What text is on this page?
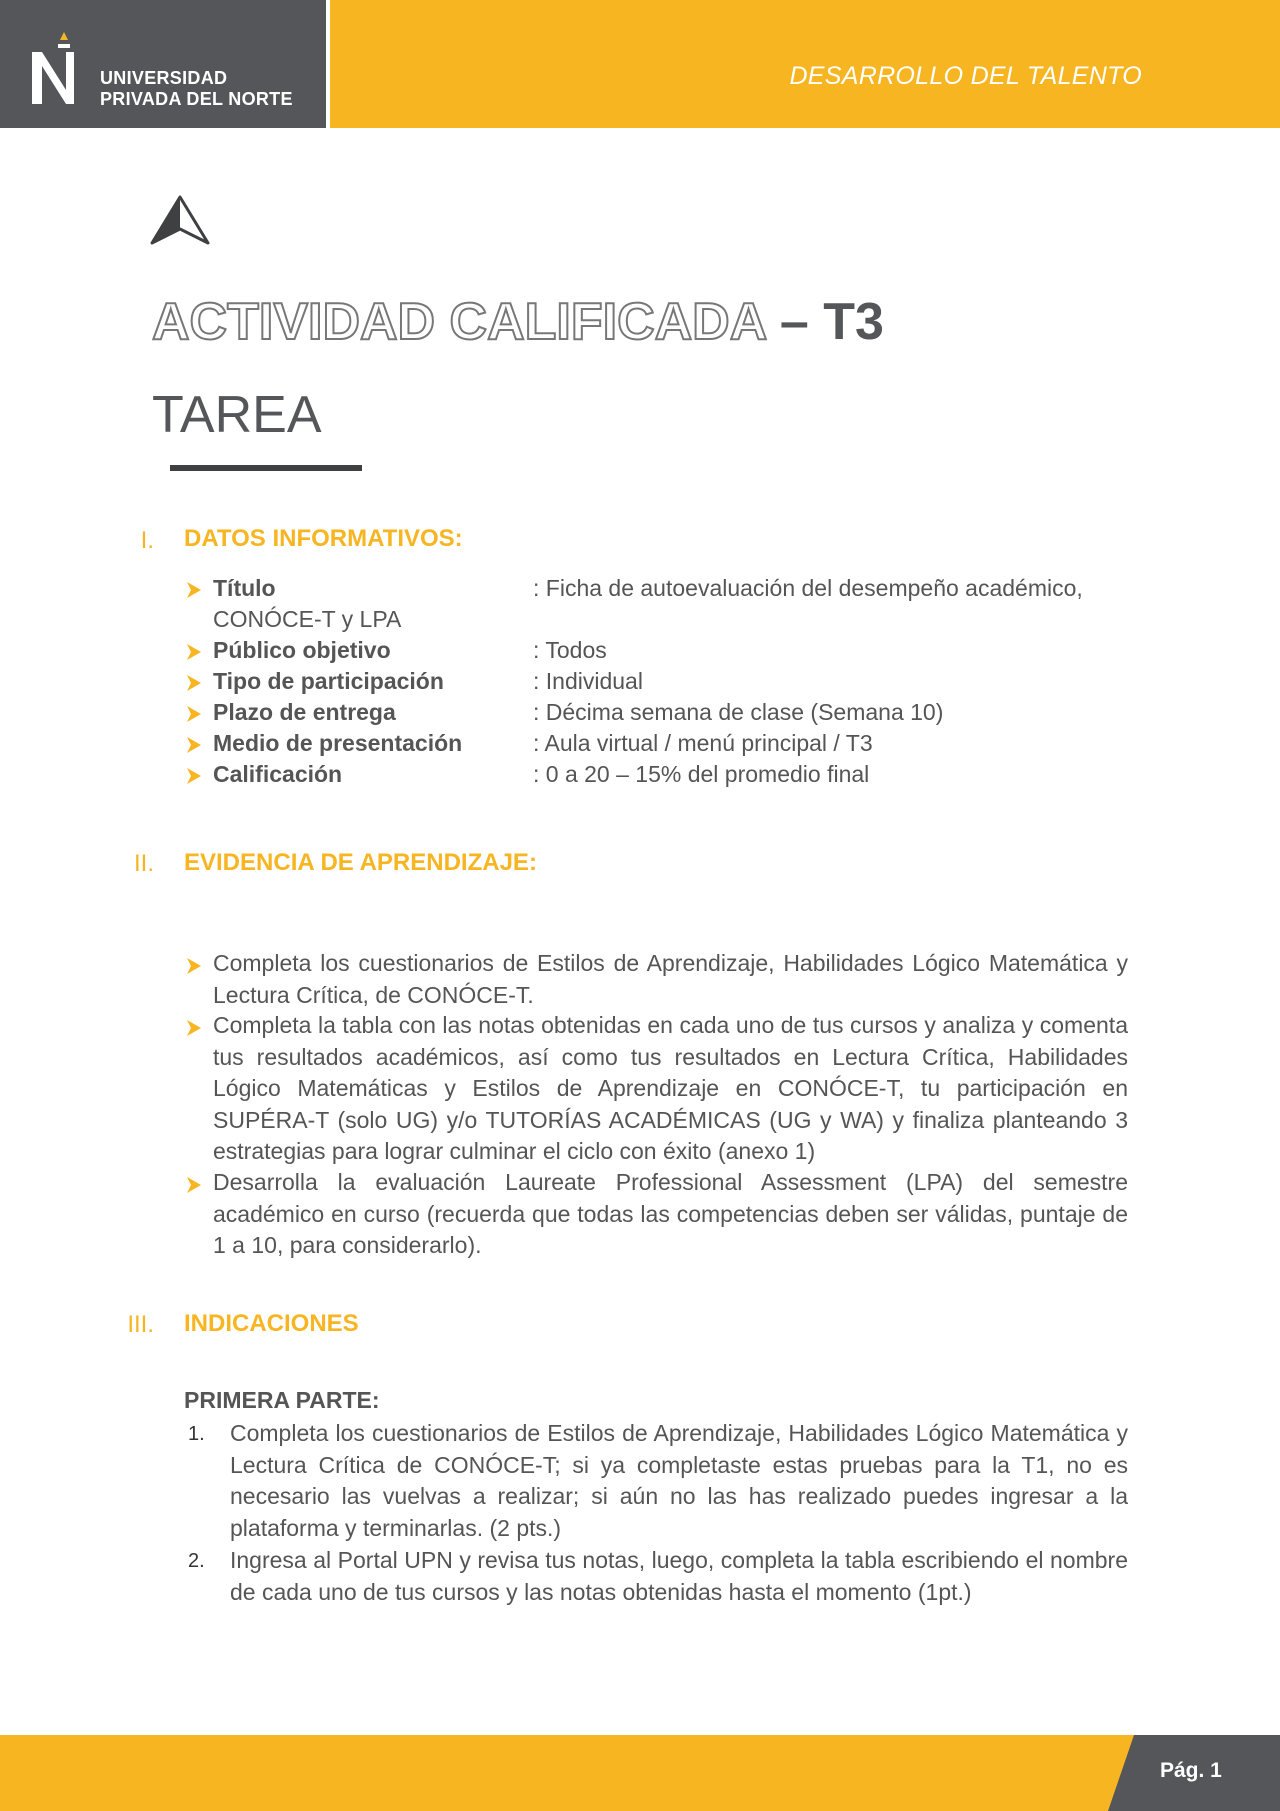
UNIVERSIDAD
PRIVADA DEL NORTE
DESARROLLO DEL TALENTO
ACTIVIDAD CALIFICADA – T3
TAREA
I. DATOS INFORMATIVOS:
Título	: Ficha de autoevaluación del desempeño académico,
CONÓCE-T y LPA
Público objetivo	: Todos
Tipo de participación	: Individual
Plazo de entrega	: Décima semana de clase (Semana 10)
Medio de presentación	: Aula virtual / menú principal / T3
Calificación	: 0 a 20 – 15% del promedio final
II. EVIDENCIA DE APRENDIZAJE:
Completa los cuestionarios de Estilos de Aprendizaje, Habilidades Lógico Matemática y Lectura Crítica, de CONÓCE-T.
Completa la tabla con las notas obtenidas en cada uno de tus cursos y analiza y comenta tus resultados académicos, así como tus resultados en Lectura Crítica, Habilidades Lógico Matemáticas y Estilos de Aprendizaje en CONÓCE-T, tu participación en SUPÉRA-T (solo UG) y/o TUTORÍAS ACADÉMICAS (UG y WA) y finaliza planteando 3 estrategias para lograr culminar el ciclo con éxito (anexo 1)
Desarrolla la evaluación Laureate Professional Assessment (LPA) del semestre académico en curso (recuerda que todas las competencias deben ser válidas, puntaje de 1 a 10, para considerarlo).
III. INDICACIONES
PRIMERA PARTE:
1. Completa los cuestionarios de Estilos de Aprendizaje, Habilidades Lógico Matemática y Lectura Crítica de CONÓCE-T; si ya completaste estas pruebas para la T1, no es necesario las vuelvas a realizar; si aún no las has realizado puedes ingresar a la plataforma y terminarlas. (2 pts.)
2. Ingresa al Portal UPN y revisa tus notas, luego, completa la tabla escribiendo el nombre de cada uno de tus cursos y las notas obtenidas hasta el momento (1pt.)
Pág. 1
